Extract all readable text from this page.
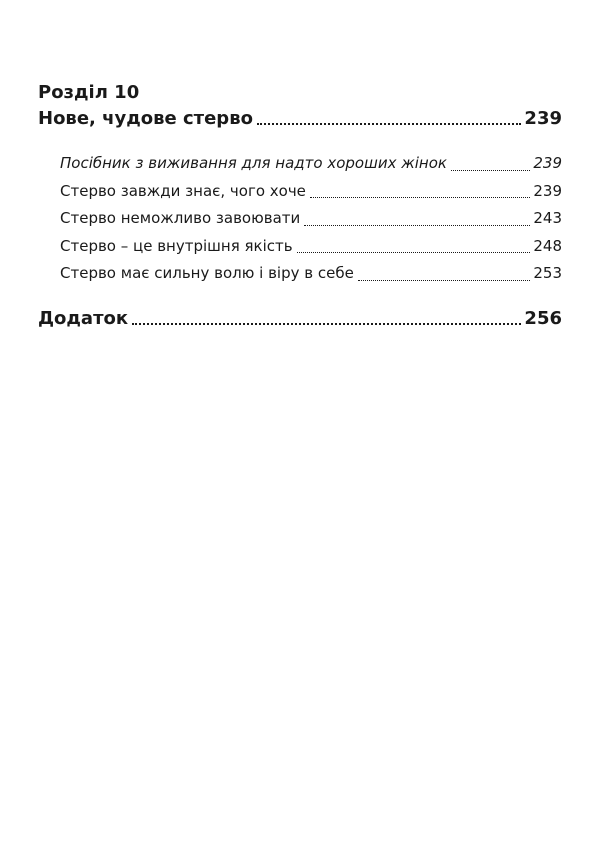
Розділ 10
Нове, чудове стерво	239
Посібник з виживання для надто хороших жінок	239
Стерво завжди знає, чого хоче	239
Стерво неможливо завоювати	243
Стерво – це внутрішня якість	248
Стерво має сильну волю і віру в себе	253
Додаток	256
